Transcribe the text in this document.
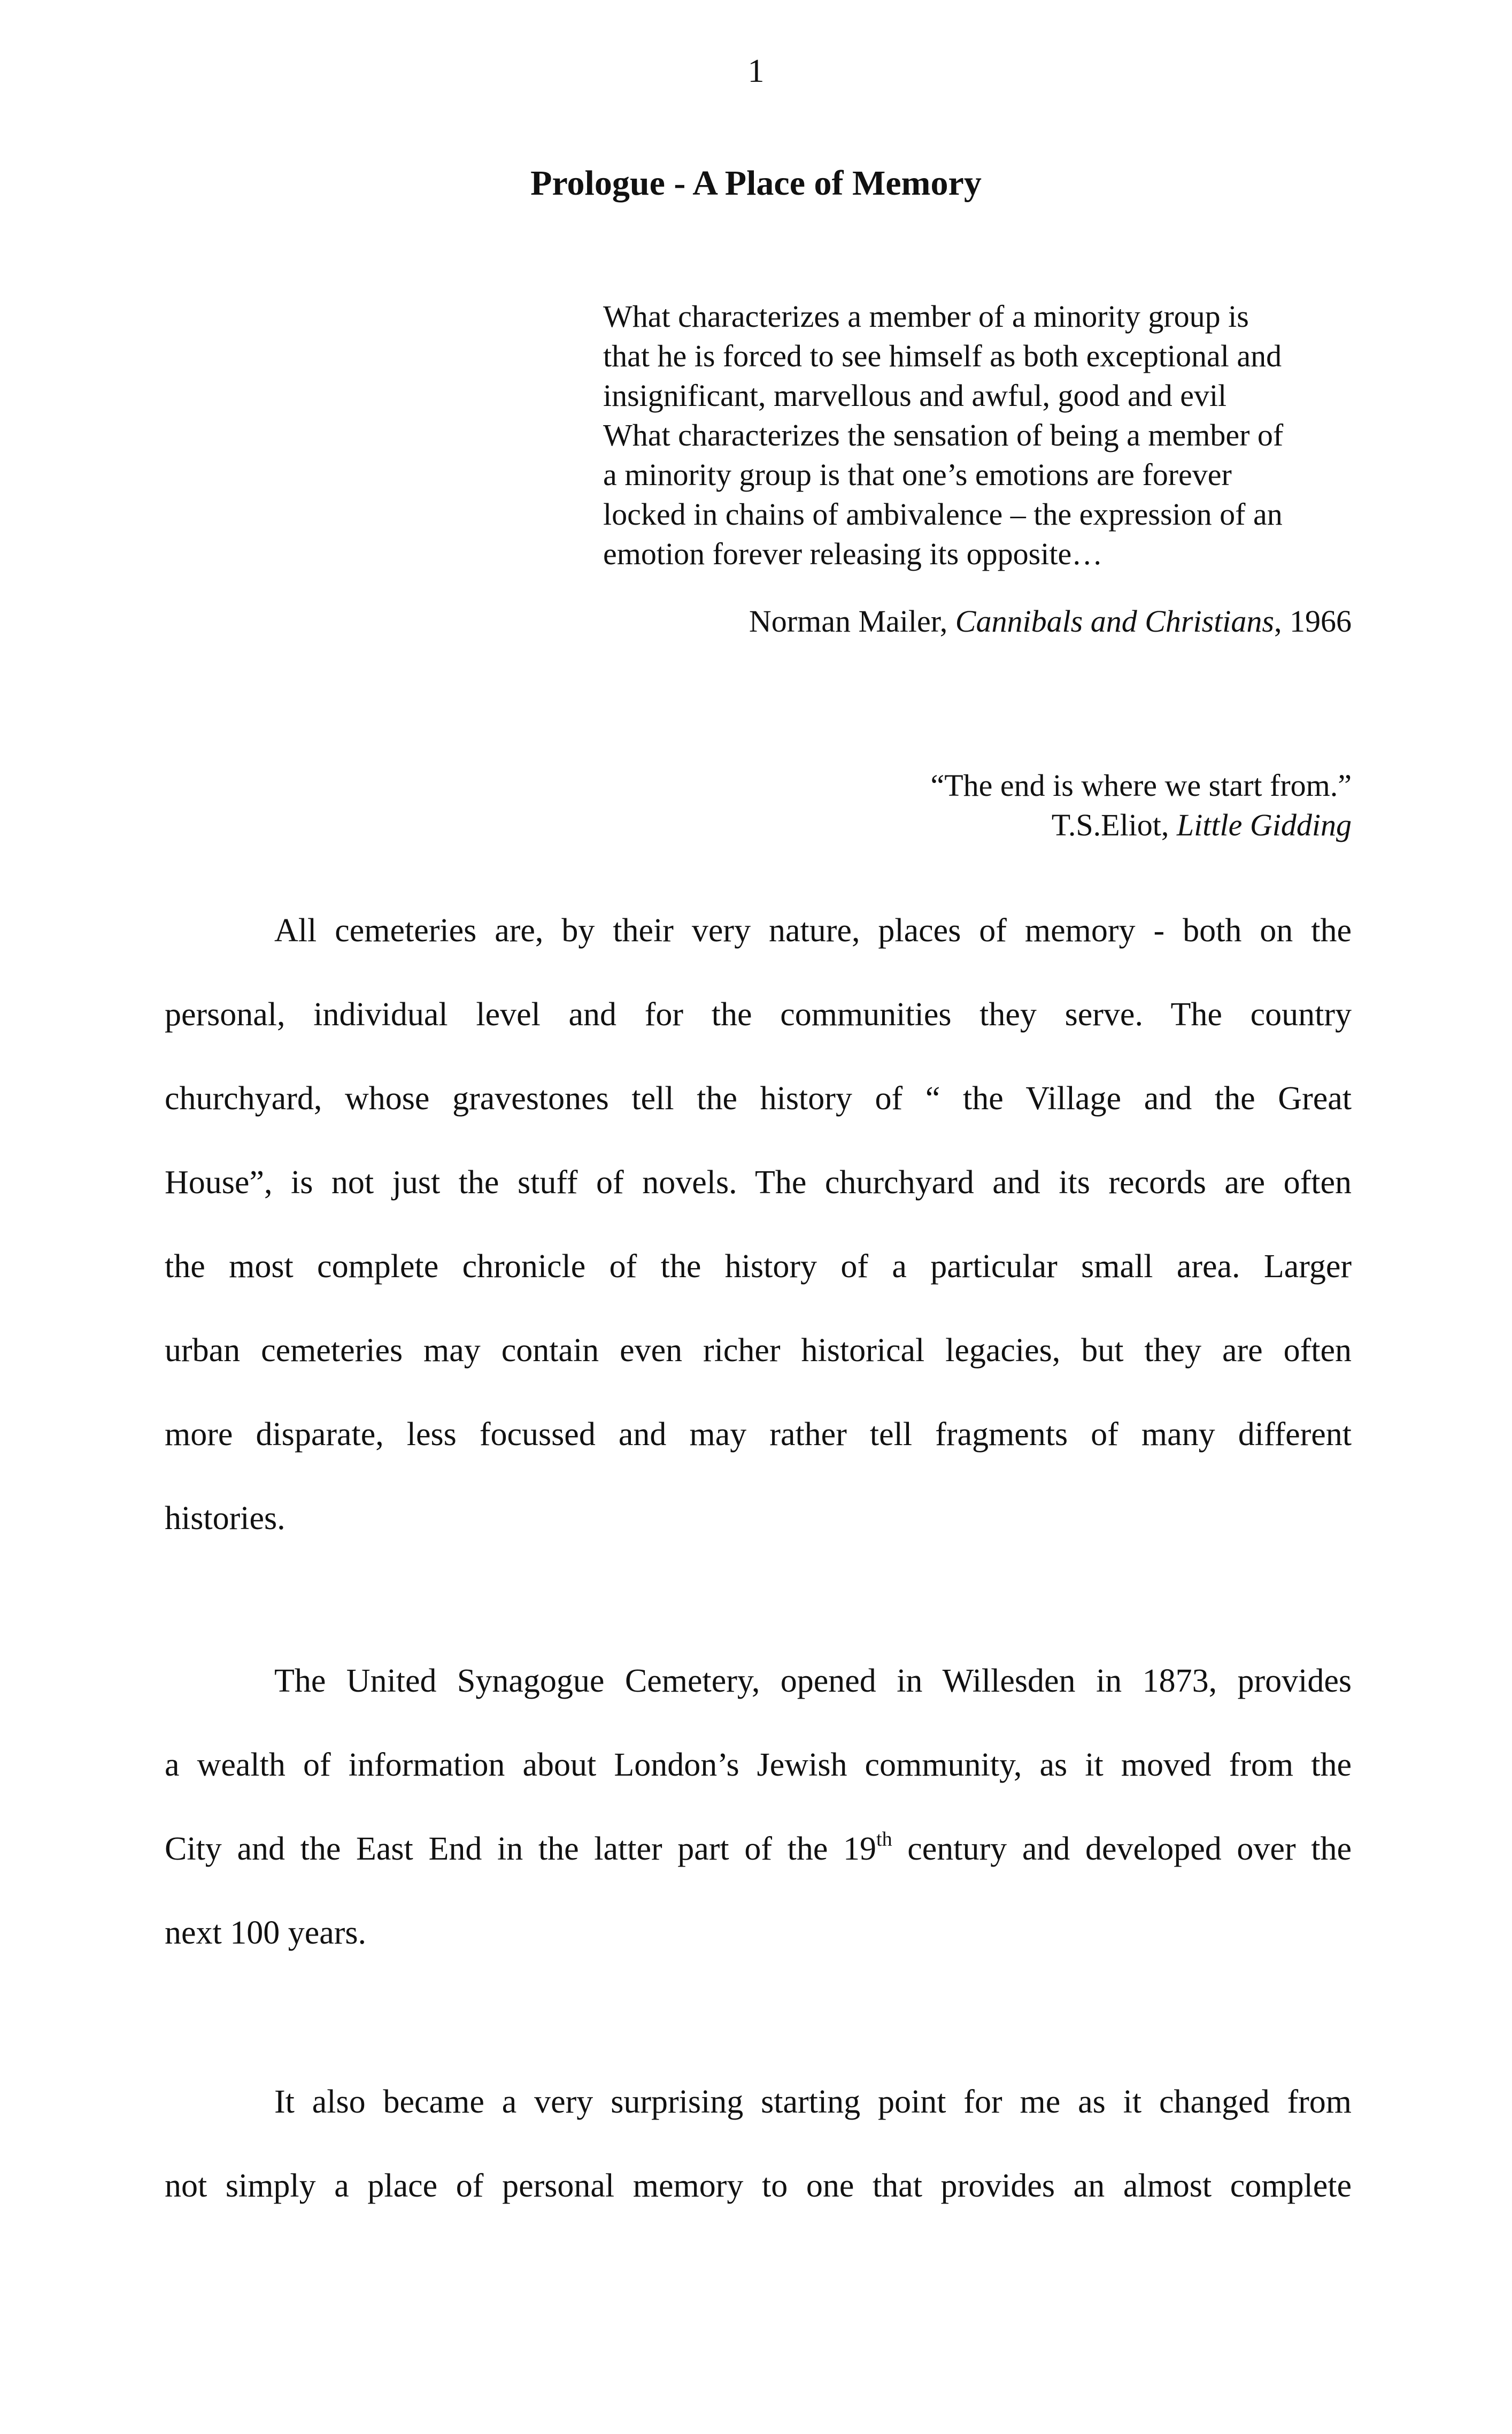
1
Prologue - A Place of Memory
What characterizes a member of a minority group is
that he is forced to see himself as both exceptional and
insignificant, marvellous and awful, good and evil
What characterizes the sensation of being a member of
a minority group is that one’s emotions are forever
locked in chains of ambivalence – the expression of an
emotion forever releasing its opposite…
Norman Mailer, Cannibals and Christians, 1966
“The end is where we start from.”
T.S.Eliot, Little Gidding
All cemeteries are, by their very nature, places of memory - both on the
personal, individual level and for the communities they serve. The country
churchyard, whose gravestones tell the history of “ the Village and the Great
House”, is not just the stuff of novels. The churchyard and its records are often
the most complete chronicle of the history of a particular small area. Larger
urban cemeteries may contain even richer historical legacies, but they are often
more disparate, less focussed and may rather tell fragments of many different
histories.
The United Synagogue Cemetery, opened in Willesden in 1873, provides
a wealth of information about London’s Jewish community, as it moved from the
City and the East End in the latter part of the 19th century and developed over the
next 100 years.
It also became a very surprising starting point for me as it changed from
not simply a place of personal memory to one that provides an almost complete
